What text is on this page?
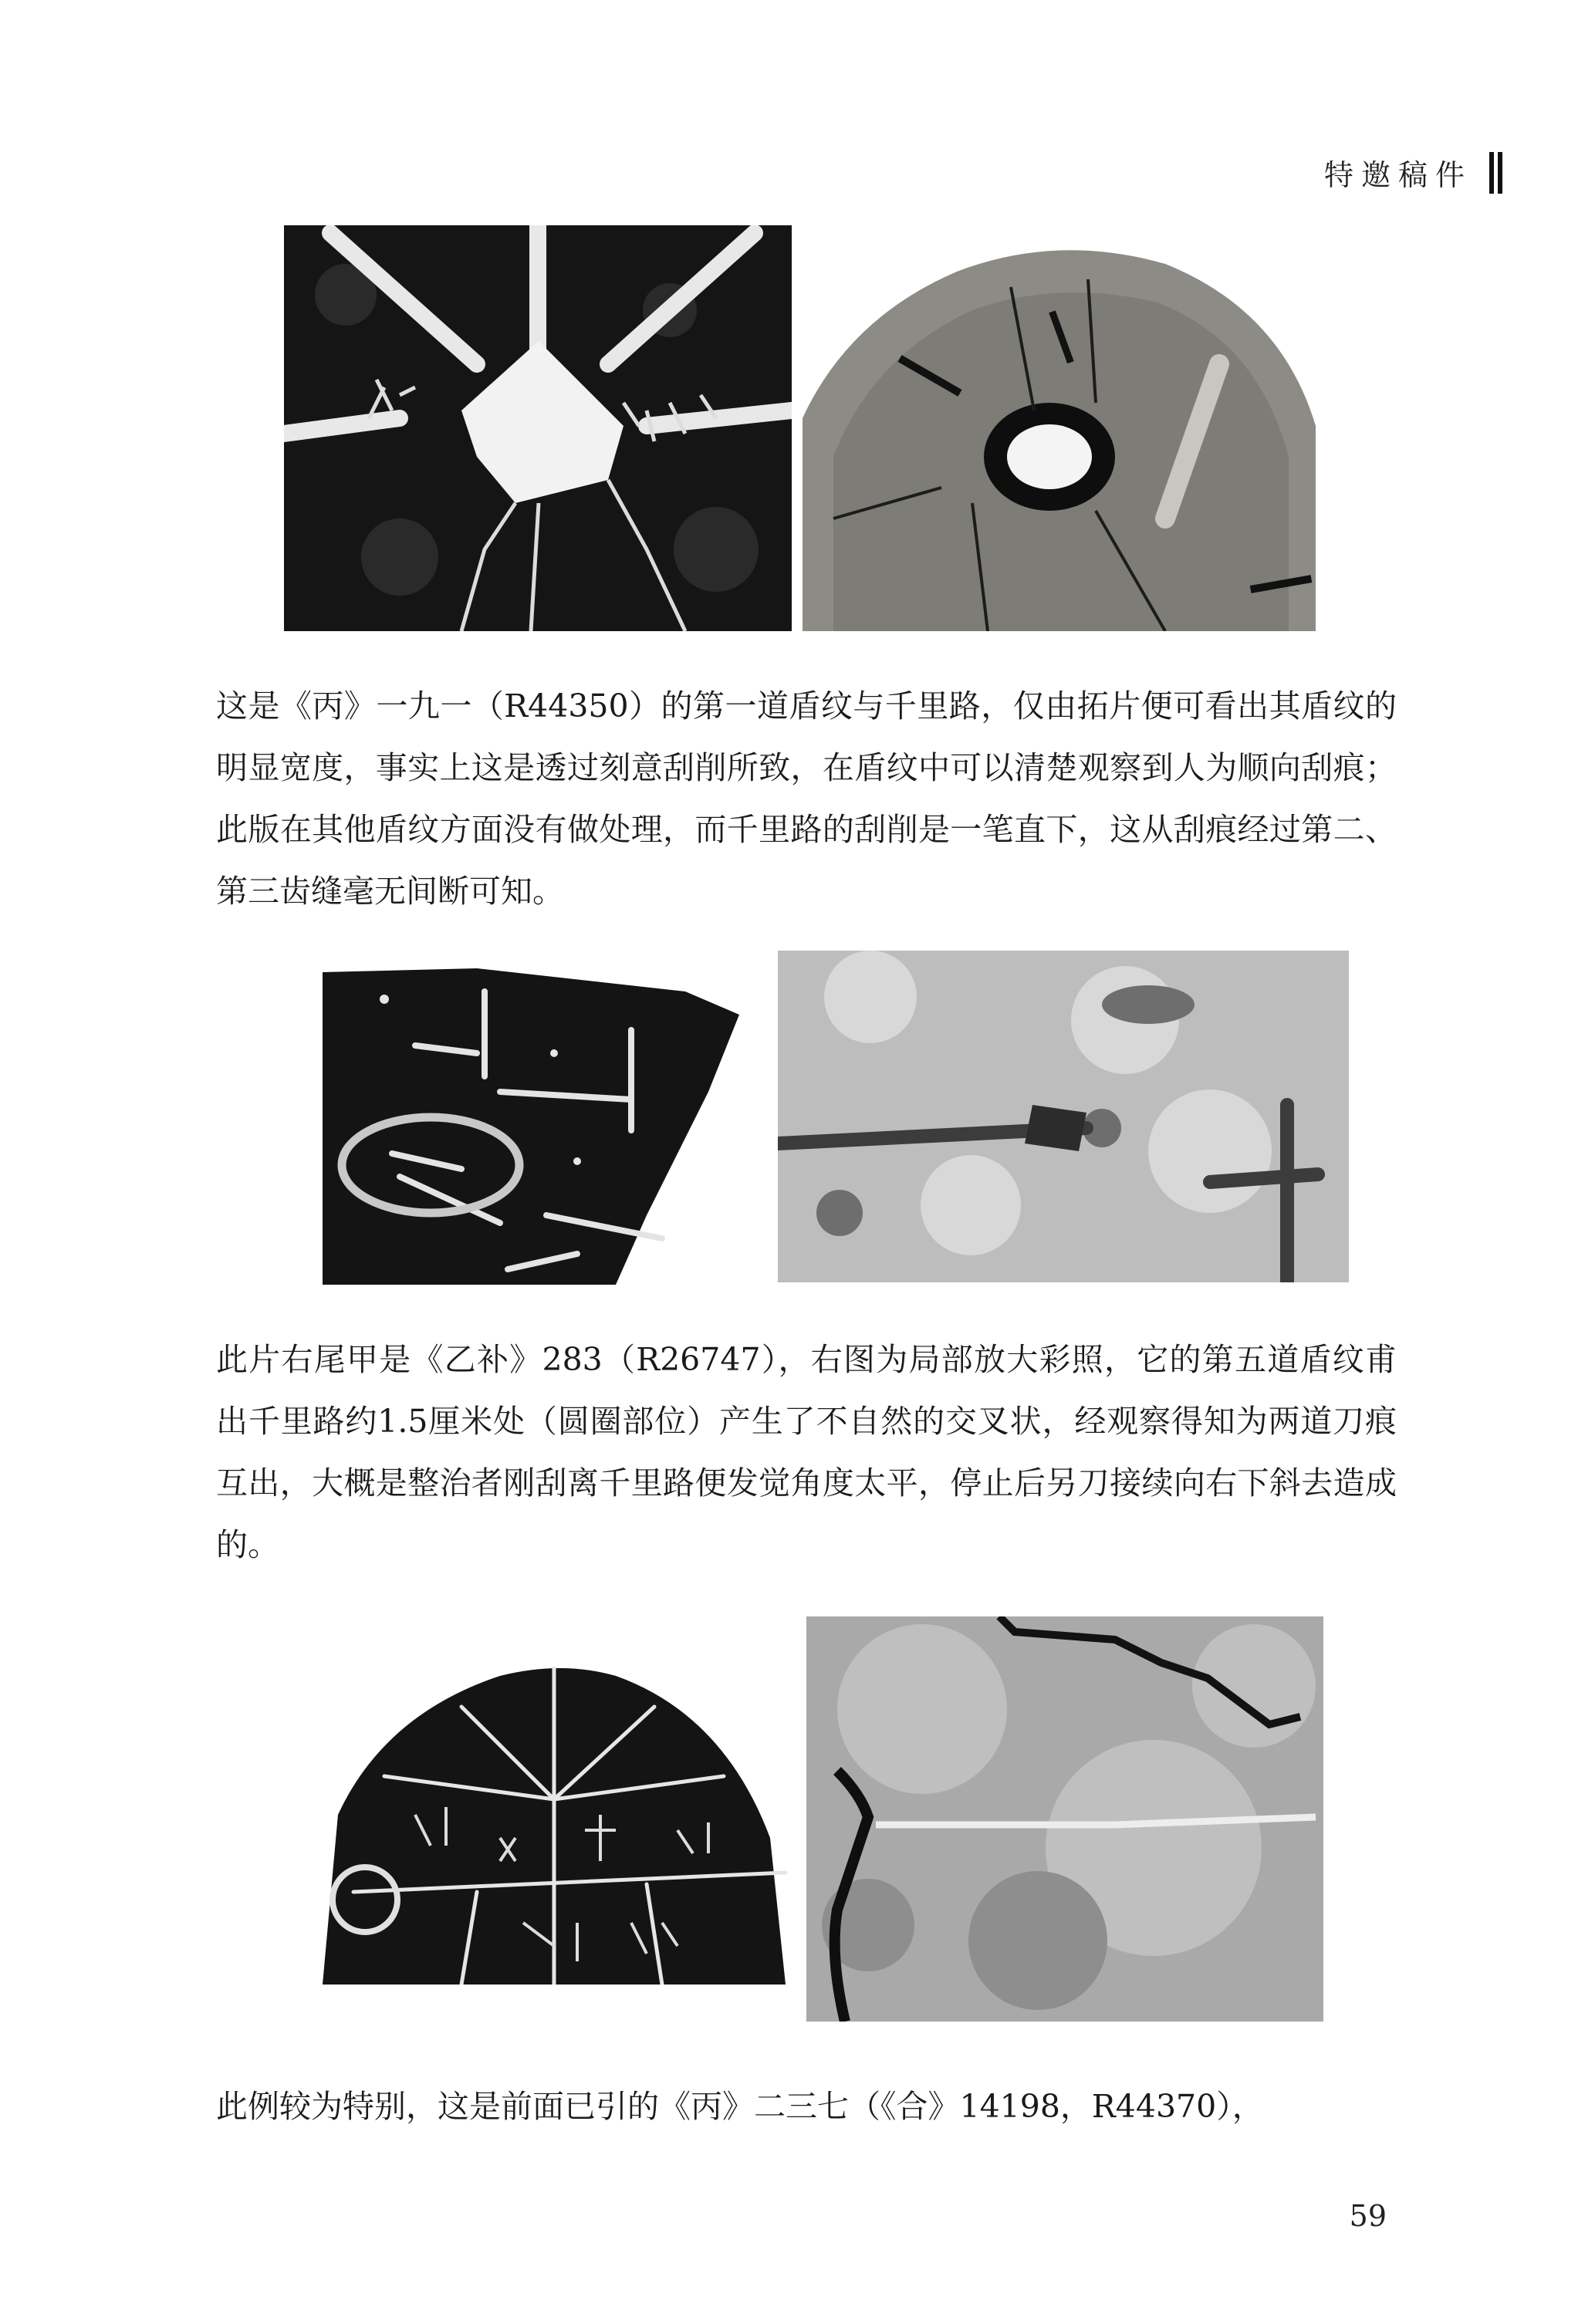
特邀稿件

这是《丙》一九一（R44350）的第一道盾纹与千里路，仅由拓片便可看出其盾纹的明显宽度，事实上这是透过刻意刮削所致，在盾纹中可以清楚观察到人为顺向刮痕；此版在其他盾纹方面没有做处理，而千里路的刮削是一笔直下，这从刮痕经过第二、第三齿缝毫无间断可知。

此片右尾甲是《乙补》283（R26747），右图为局部放大彩照，它的第五道盾纹甫出千里路约1.5厘米处（圆圈部位）产生了不自然的交叉状，经观察得知为两道刀痕互出，大概是整治者刚刮离千里路便发觉角度太平，停止后另刀接续向右下斜去造成的。

此例较为特别，这是前面已引的《丙》二三七（《合》14198，R44370），

59
